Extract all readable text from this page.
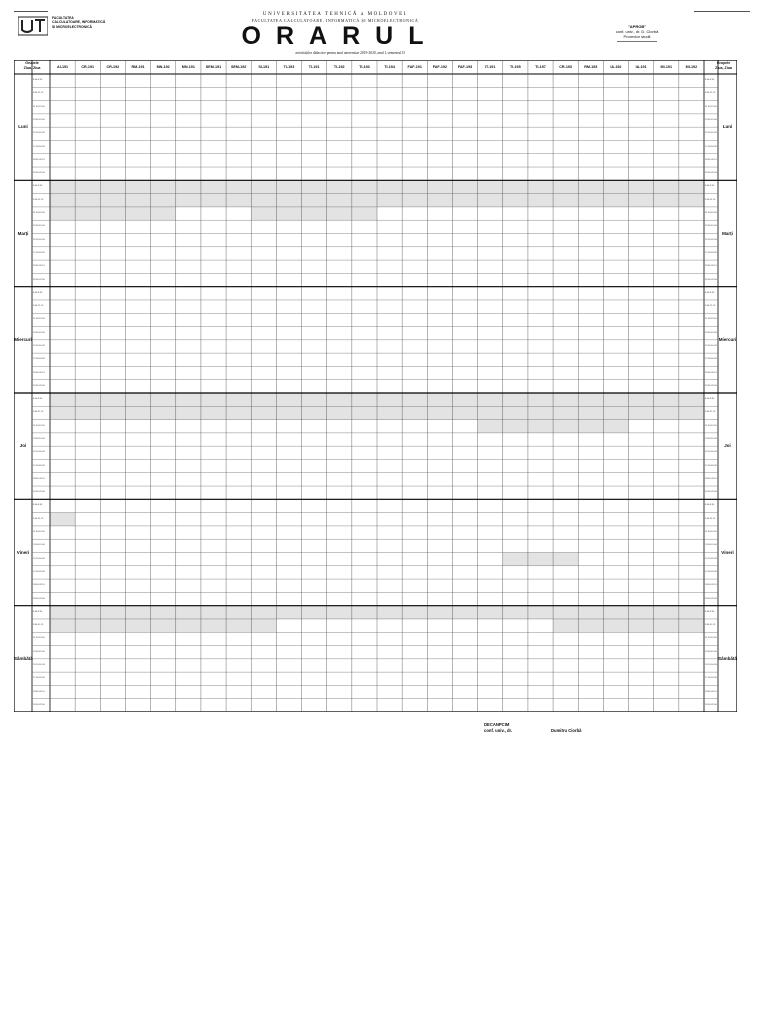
FACULTATEA
CALCULATOARE, INFORMATICĂ
ȘI MICROELECTRONICĂ
UNIVERSITATEA TEHNICĂ a MOLDOVEI
FACULTATEA CALCULATOARE, INFORMATICĂ ȘI MICROELECTRONICĂ
ORARUL
activităților didactice pentru anul universitar 2019-2020, anul I, semestrul II
"APROB"
conf. univ., dr. D. Ciorbă
Prorector studii
AI-191	CR-191	CR-192	RM-191	MN-192	MN-191	SEM-191	SEM-192	SI-191	TI-193	TI-191	TI-192	TI-193	TI-194	FAF-191	FAF-192	FAF-193	IT-191	TI-195	TI-197	CR-193	RM-193	IA-192	IA-191	MI-191	MI-192
Grupele
Ziua, Ziua
Grupele
Ziua, Ziua
Luni	Luni
8.00-9.30	8.00-9.30
9.45-11.15	9.45-11.15
11.30-13.00	11.30-13.00
13.30-15.00	13.30-15.00
15.15-16.45	15.15-16.45
17.00-18.30	17.00-18.30
18.45-20.15	18.45-20.15
20.30-22.00	20.30-22.00
Marți	Marți
8.00-9.30	8.00-9.30
9.45-11.15	9.45-11.15
11.30-13.00	11.30-13.00
13.30-15.00	13.30-15.00
15.15-16.45	15.15-16.45
17.00-18.30	17.00-18.30
18.45-20.15	18.45-20.15
20.30-22.00	20.30-22.00
Miercuri	Miercuri
8.00-9.30	8.00-9.30
9.45-11.15	9.45-11.15
11.30-13.00	11.30-13.00
13.30-15.00	13.30-15.00
15.15-16.45	15.15-16.45
17.00-18.30	17.00-18.30
18.45-20.15	18.45-20.15
20.30-22.00	20.30-22.00
Joi	Joi
8.00-9.30	8.00-9.30
9.45-11.15	9.45-11.15
11.30-13.00	11.30-13.00
13.30-15.00	13.30-15.00
15.15-16.45	15.15-16.45
17.00-18.30	17.00-18.30
18.45-20.15	18.45-20.15
20.30-22.00	20.30-22.00
Vineri	Vineri
8.00-9.30	8.00-9.30
9.45-11.15	9.45-11.15
11.30-13.00	11.30-13.00
13.30-15.00	13.30-15.00
15.15-16.45	15.15-16.45
17.00-18.30	17.00-18.30
18.45-20.15	18.45-20.15
20.30-22.00	20.30-22.00
Sâmbătă	Sâmbătă
8.00-9.30	8.00-9.30
9.45-11.15	9.45-11.15
11.30-13.00	11.30-13.00
13.30-15.00	13.30-15.00
15.15-16.45	15.15-16.45
17.00-18.30	17.00-18.30
18.45-20.15	18.45-20.15
20.30-22.00	20.30-22.00
DECANPCIM
conf. univ., dr.	Dumitru Ciorbă
